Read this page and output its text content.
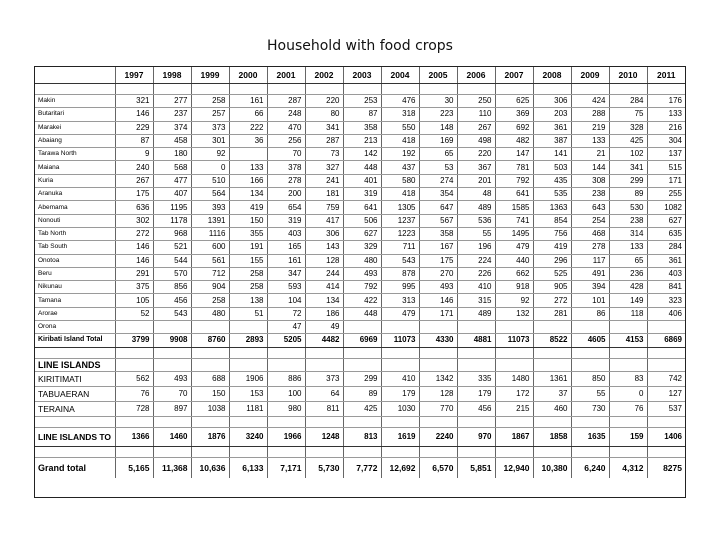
Household with food crops
	1997	1998	1999	2000	2001	2002	2003	2004	2005	2006	2007	2008	2009	2010	2011

Makin	321	277	258	161	287	220	253	476	30	250	625	306	424	284	176
Butaritari	146	237	257	66	248	80	87	318	223	110	369	203	288	75	133
Marakei	229	374	373	222	470	341	358	550	148	267	692	361	219	328	216
Abaiang	87	458	301	36	256	287	213	418	169	498	482	387	133	425	304
Tarawa North	9	180	92		70	73	142	192	65	220	147	141	21	102	137
Maiana	240	568	0	133	378	327	448	437	53	367	781	503	144	341	515
Kuria	267	477	510	166	278	241	401	580	274	201	792	435	308	299	171
Aranuka	175	407	564	134	200	181	319	418	354	48	641	535	238	89	255
Abemama	636	1195	393	419	654	759	641	1305	647	489	1585	1363	643	530	1082
Nonouti	302	1178	1391	150	319	417	506	1237	567	536	741	854	254	238	627
Tab North	272	968	1116	355	403	306	627	1223	358	55	1495	756	468	314	635
Tab South	146	521	600	191	165	143	329	711	167	196	479	419	278	133	284
Onotoa	146	544	561	155	161	128	480	543	175	224	440	296	117	65	361
Beru	291	570	712	258	347	244	493	878	270	226	662	525	491	236	403
Nikunau	375	856	904	258	593	414	792	995	493	410	918	905	394	428	841
Tamana	105	456	258	138	104	134	422	313	146	315	92	272	101	149	323
Arorae	52	543	480	51	72	186	448	479	171	489	132	281	86	118	406
Orona					47	49									
Kiribati Island Total	3799	9908	8760	2893	5205	4482	6969	11073	4330	4881	11073	8522	4605	4153	6869

LINE ISLANDS															
KIRITIMATI	562	493	688	1906	886	373	299	410	1342	335	1480	1361	850	83	742
TABUAERAN	76	70	150	153	100	64	89	179	128	179	172	37	55	0	127
TERAINA	728	897	1038	1181	980	811	425	1030	770	456	215	460	730	76	537

LINE ISLANDS TO	1366	1460	1876	3240	1966	1248	813	1619	2240	970	1867	1858	1635	159	1406

Grand total	5,165	11,368	10,636	6,133	7,171	5,730	7,772	12,692	6,570	5,851	12,940	10,380	6,240	4,312	8275
